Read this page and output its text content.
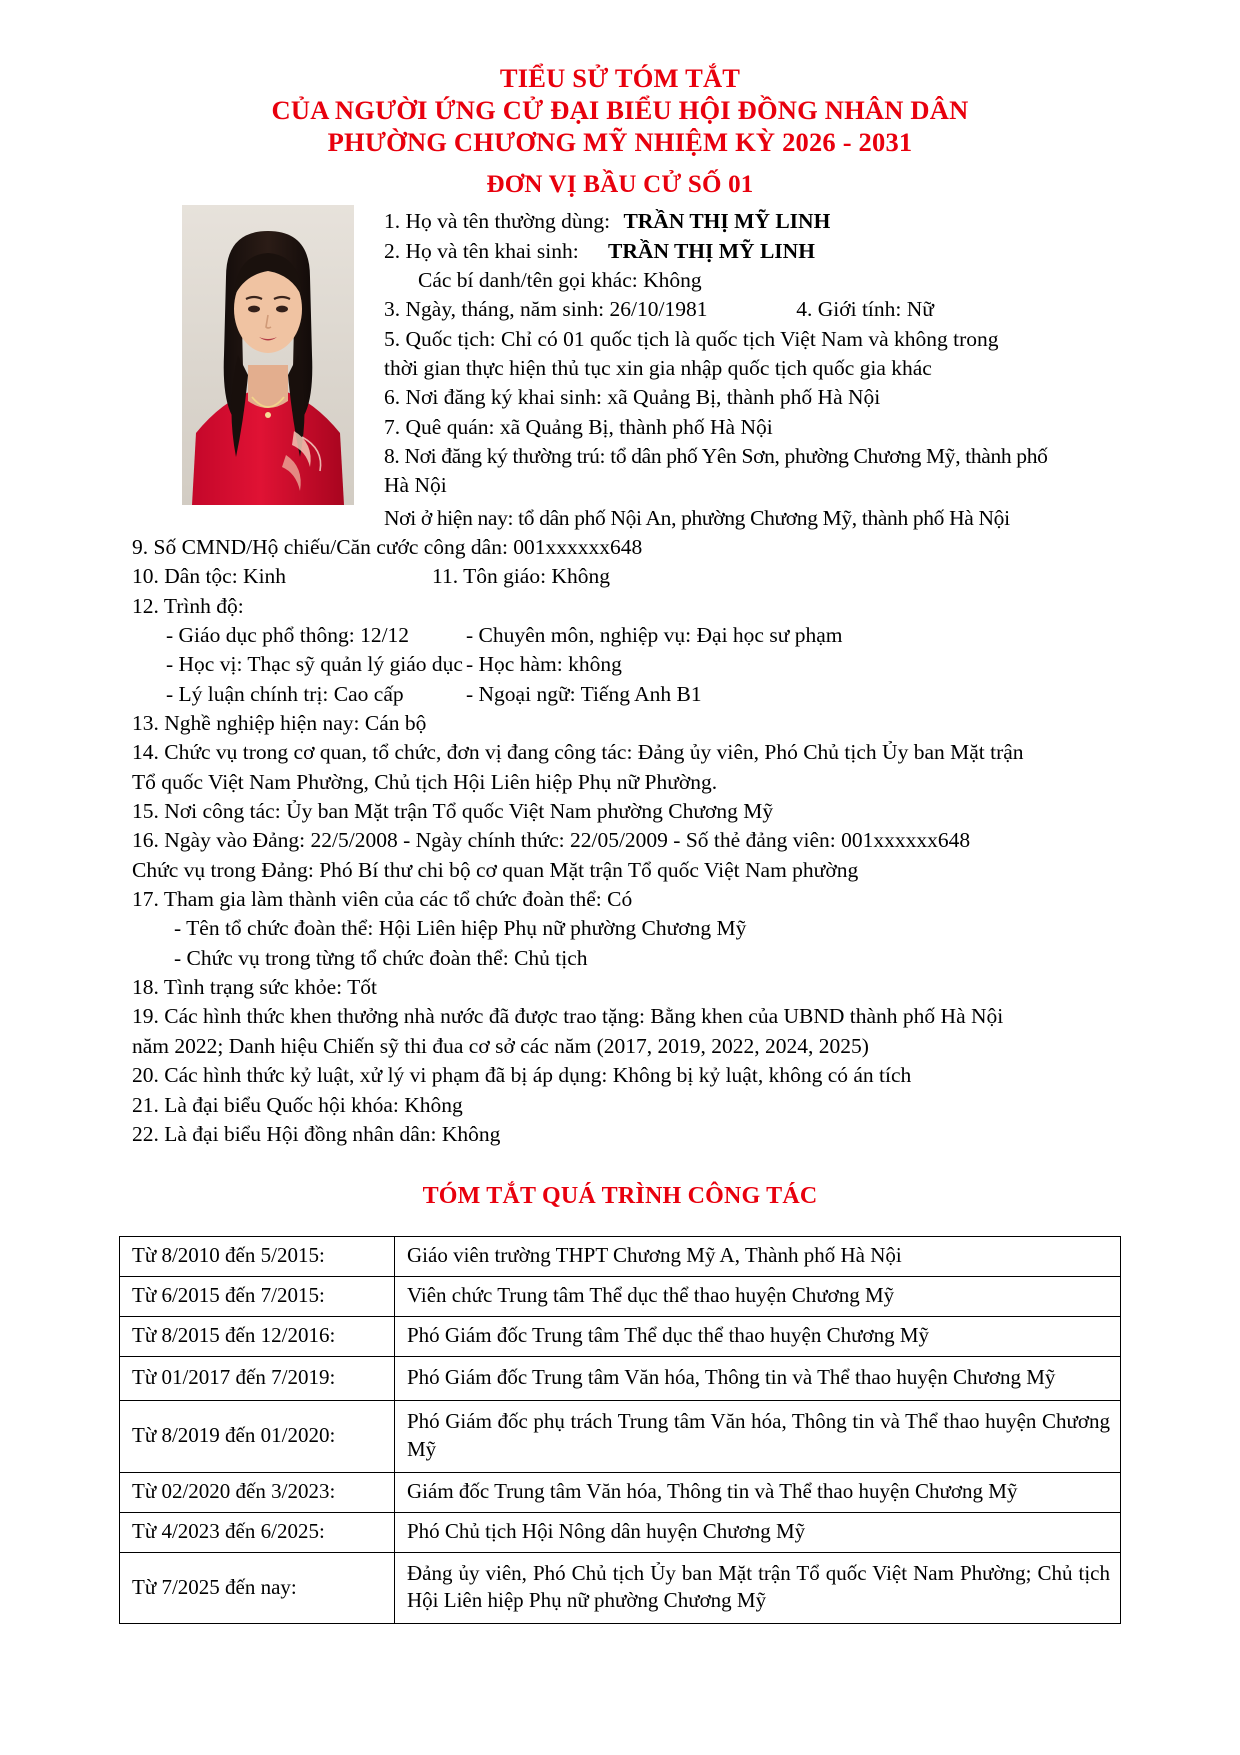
TIỂU SỬ TÓM TẮT
CỦA NGƯỜI ỨNG CỬ ĐẠI BIỂU HỘI ĐỒNG NHÂN DÂN
PHƯỜNG CHƯƠNG MỸ NHIỆM KỲ 2026 - 2031
ĐƠN VỊ BẦU CỬ SỐ 01
1. Họ và tên thường dùng: TRẦN THỊ MỸ LINH
2. Họ và tên khai sinh: TRẦN THỊ MỸ LINH
Các bí danh/tên gọi khác: Không
3. Ngày, tháng, năm sinh: 26/10/1981	4. Giới tính: Nữ
5. Quốc tịch: Chỉ có 01 quốc tịch là quốc tịch Việt Nam và không trong
thời gian thực hiện thủ tục xin gia nhập quốc tịch quốc gia khác
6. Nơi đăng ký khai sinh: xã Quảng Bị, thành phố Hà Nội
7. Quê quán: xã Quảng Bị, thành phố Hà Nội
8. Nơi đăng ký thường trú: tổ dân phố Yên Sơn, phường Chương Mỹ, thành phố
Hà Nội
Nơi ở hiện nay: tổ dân phố Nội An, phường Chương Mỹ, thành phố Hà Nội
9. Số CMND/Hộ chiếu/Căn cước công dân: 001xxxxxx648
10. Dân tộc: Kinh	11. Tôn giáo: Không
12. Trình độ:
- Giáo dục phổ thông: 12/12	- Chuyên môn, nghiệp vụ: Đại học sư phạm
- Học vị: Thạc sỹ quản lý giáo dục - Học hàm: không
- Lý luận chính trị: Cao cấp	- Ngoại ngữ: Tiếng Anh B1
13. Nghề nghiệp hiện nay: Cán bộ
14. Chức vụ trong cơ quan, tổ chức, đơn vị đang công tác: Đảng ủy viên, Phó Chủ tịch Ủy ban Mặt trận
Tổ quốc Việt Nam Phường, Chủ tịch Hội Liên hiệp Phụ nữ Phường.
15. Nơi công tác: Ủy ban Mặt trận Tổ quốc Việt Nam phường Chương Mỹ
16. Ngày vào Đảng: 22/5/2008 - Ngày chính thức: 22/05/2009 - Số thẻ đảng viên: 001xxxxxx648
Chức vụ trong Đảng: Phó Bí thư chi bộ cơ quan Mặt trận Tổ quốc Việt Nam phường
17. Tham gia làm thành viên của các tổ chức đoàn thể: Có
- Tên tổ chức đoàn thể: Hội Liên hiệp Phụ nữ phường Chương Mỹ
- Chức vụ trong từng tổ chức đoàn thể: Chủ tịch
18. Tình trạng sức khỏe: Tốt
19. Các hình thức khen thưởng nhà nước đã được trao tặng: Bằng khen của UBND thành phố Hà Nội
năm 2022; Danh hiệu Chiến sỹ thi đua cơ sở các năm (2017, 2019, 2022, 2024, 2025)
20. Các hình thức kỷ luật, xử lý vi phạm đã bị áp dụng: Không bị kỷ luật, không có án tích
21. Là đại biểu Quốc hội khóa: Không
22. Là đại biểu Hội đồng nhân dân: Không
TÓM TẮT QUÁ TRÌNH CÔNG TÁC
Từ 8/2010 đến 5/2015:	Giáo viên trường THPT Chương Mỹ A, Thành phố Hà Nội
Từ 6/2015 đến 7/2015:	Viên chức Trung tâm Thể dục thể thao huyện Chương Mỹ
Từ 8/2015 đến 12/2016:	Phó Giám đốc Trung tâm Thể dục thể thao huyện Chương Mỹ
Từ 01/2017 đến 7/2019:	Phó Giám đốc Trung tâm Văn hóa, Thông tin và Thể thao huyện Chương Mỹ
Từ 8/2019 đến 01/2020:	Phó Giám đốc phụ trách Trung tâm Văn hóa, Thông tin và Thể thao huyện Chương Mỹ
Từ 02/2020 đến 3/2023:	Giám đốc Trung tâm Văn hóa, Thông tin và Thể thao huyện Chương Mỹ
Từ 4/2023 đến 6/2025:	Phó Chủ tịch Hội Nông dân huyện Chương Mỹ
Từ 7/2025 đến nay:	Đảng ủy viên, Phó Chủ tịch Ủy ban Mặt trận Tổ quốc Việt Nam Phường; Chủ tịch Hội Liên hiệp Phụ nữ phường Chương Mỹ
